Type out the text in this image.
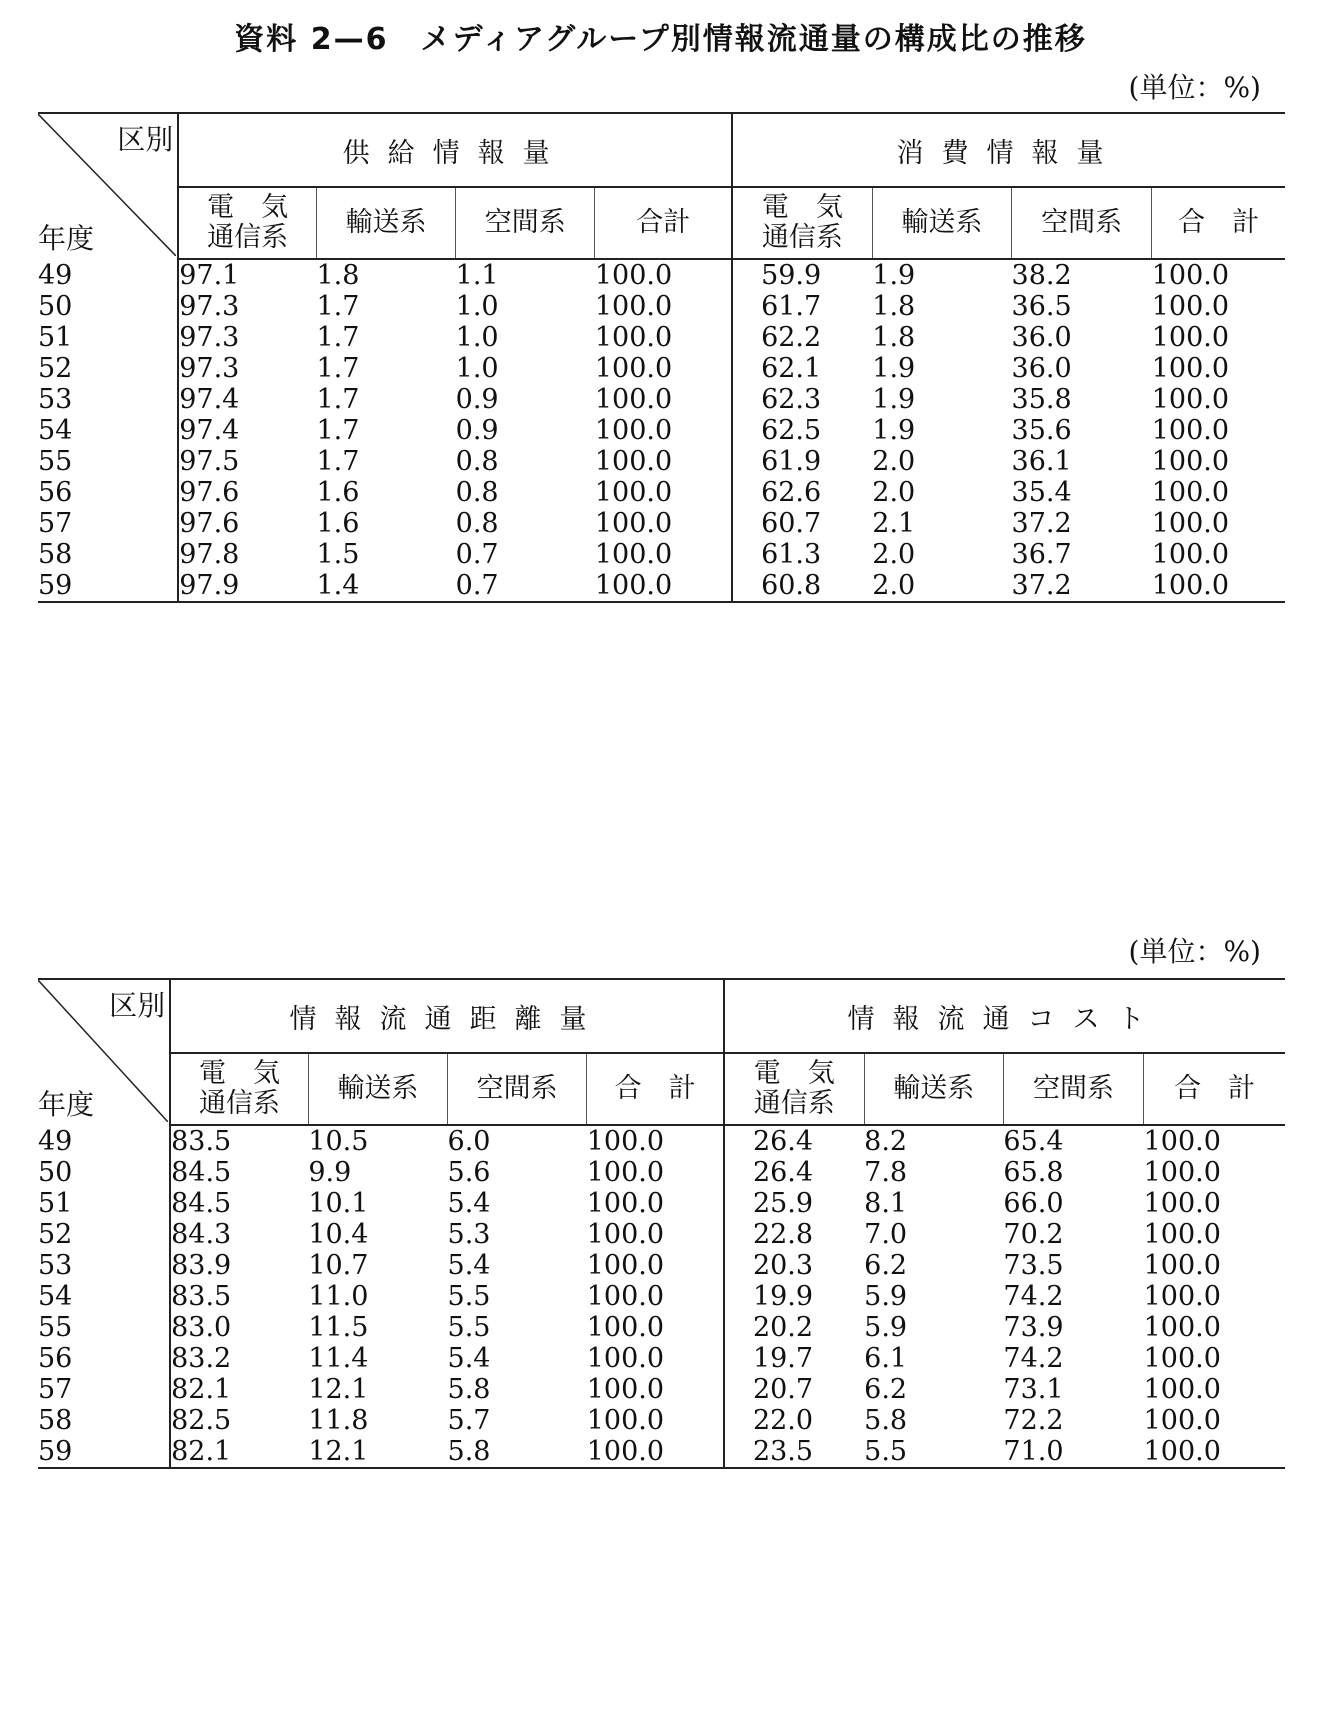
資料 2—6　メディアグループ別情報流通量の構成比の推移
(単位：%)
区別
年度	供給情報量				消費情報量			
	電　気
通信系	輸送系	空間系	合計	電　気
通信系	輸送系	空間系	合　計
49	97.1	1.8	1.1	100.0	59.9	1.9	38.2	100.0
50	97.3	1.7	1.0	100.0	61.7	1.8	36.5	100.0
51	97.3	1.7	1.0	100.0	62.2	1.8	36.0	100.0
52	97.3	1.7	1.0	100.0	62.1	1.9	36.0	100.0
53	97.4	1.7	0.9	100.0	62.3	1.9	35.8	100.0
54	97.4	1.7	0.9	100.0	62.5	1.9	35.6	100.0
55	97.5	1.7	0.8	100.0	61.9	2.0	36.1	100.0
56	97.6	1.6	0.8	100.0	62.6	2.0	35.4	100.0
57	97.6	1.6	0.8	100.0	60.7	2.1	37.2	100.0
58	97.8	1.5	0.7	100.0	61.3	2.0	36.7	100.0
59	97.9	1.4	0.7	100.0	60.8	2.0	37.2	100.0
(単位：%)
区別
年度	情報流通距離量				情報流通コスト			
	電　気
通信系	輸送系	空間系	合　計	電　気
通信系	輸送系	空間系	合　計
49	83.5	10.5	6.0	100.0	26.4	8.2	65.4	100.0
50	84.5	9.9	5.6	100.0	26.4	7.8	65.8	100.0
51	84.5	10.1	5.4	100.0	25.9	8.1	66.0	100.0
52	84.3	10.4	5.3	100.0	22.8	7.0	70.2	100.0
53	83.9	10.7	5.4	100.0	20.3	6.2	73.5	100.0
54	83.5	11.0	5.5	100.0	19.9	5.9	74.2	100.0
55	83.0	11.5	5.5	100.0	20.2	5.9	73.9	100.0
56	83.2	11.4	5.4	100.0	19.7	6.1	74.2	100.0
57	82.1	12.1	5.8	100.0	20.7	6.2	73.1	100.0
58	82.5	11.8	5.7	100.0	22.0	5.8	72.2	100.0
59	82.1	12.1	5.8	100.0	23.5	5.5	71.0	100.0
